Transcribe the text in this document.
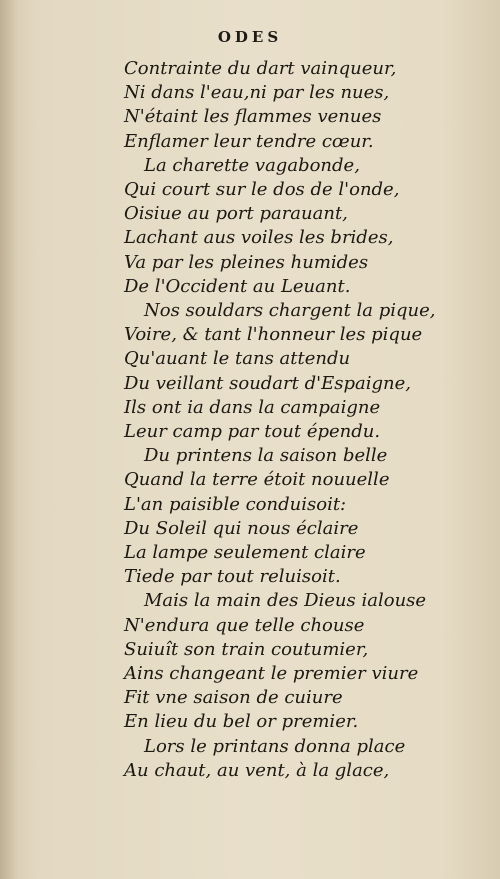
ODES
Contrainte du dart vainqueur,
Ni dans l'eau,ni par les nues,
N'étaint les flammes venues
Enflamer leur tendre cœur.
La charette vagabonde,
Qui court sur le dos de l'onde,
Oisiue au port parauant,
Lachant aus voiles les brides,
Va par les pleines humides
De l'Occident au Leuant.
Nos souldars chargent la pique,
Voire, & tant l'honneur les pique
Qu'auant le tans attendu
Du veillant soudart d'Espaigne,
Ils ont ia dans la campaigne
Leur camp par tout épendu.
Du printens la saison belle
Quand la terre étoit nouuelle
L'an paisible conduisoit:
Du Soleil qui nous éclaire
La lampe seulement claire
Tiede par tout reluisoit.
Mais la main des Dieus ialouse
N'endura que telle chouse
Suiuît son train coutumier,
Ains changeant le premier viure
Fit vne saison de cuiure
En lieu du bel or premier.
Lors le printans donna place
Au chaut, au vent, à la glace,
